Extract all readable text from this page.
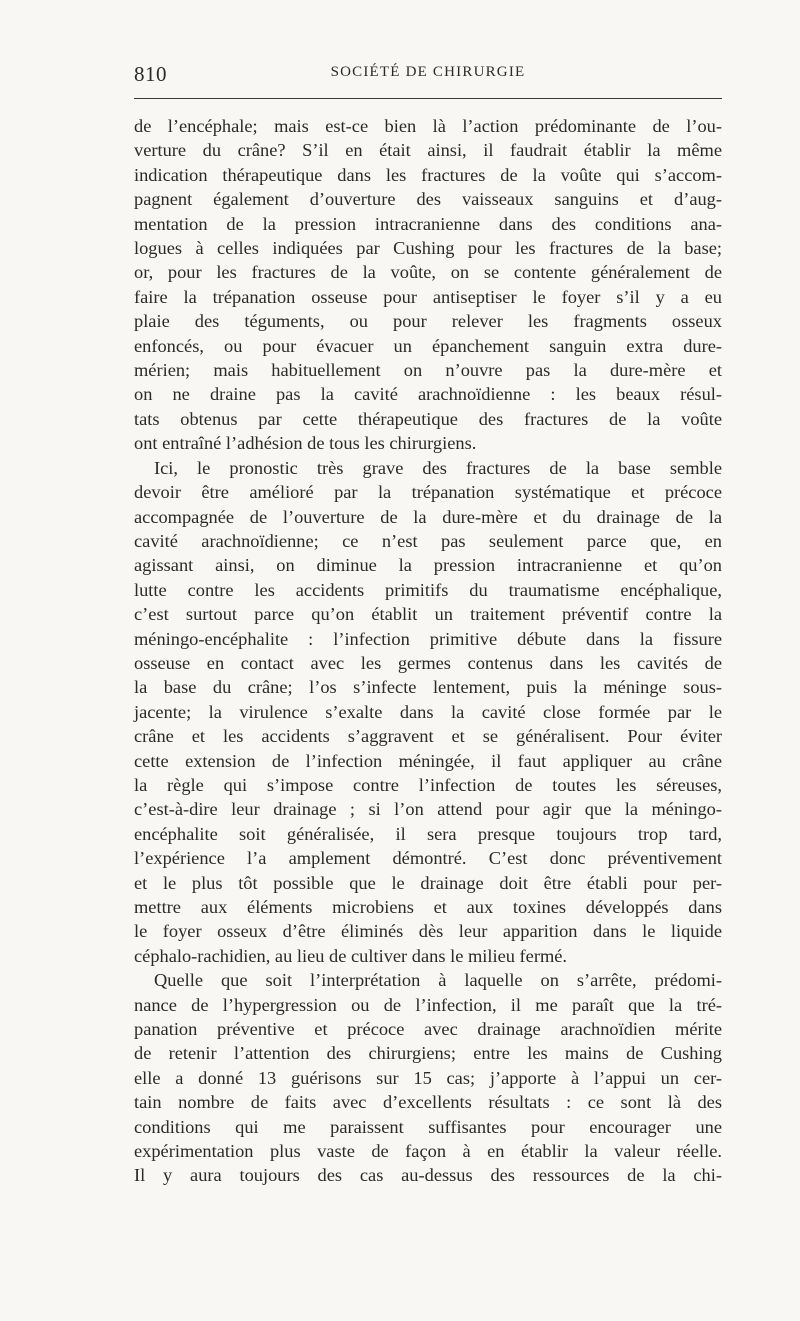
810	SOCIÉTÉ DE CHIRURGIE
de l’encéphale; mais est-ce bien là l’action prédominante de l’ou-
verture du crâne? S’il en était ainsi, il faudrait établir la même
indication thérapeutique dans les fractures de la voûte qui s’accom-
pagnent également d’ouverture des vaisseaux sanguins et d’aug-
mentation de la pression intracranienne dans des conditions ana-
logues à celles indiquées par Cushing pour les fractures de la base;
or, pour les fractures de la voûte, on se contente généralement de
faire la trépanation osseuse pour antiseptiser le foyer s’il y a eu
plaie des téguments, ou pour relever les fragments osseux
enfoncés, ou pour évacuer un épanchement sanguin extra dure-
mérien; mais habituellement on n’ouvre pas la dure-mère et
on ne draine pas la cavité arachnoïdienne : les beaux résul-
tats obtenus par cette thérapeutique des fractures de la voûte
ont entraîné l’adhésion de tous les chirurgiens.
Ici, le pronostic très grave des fractures de la base semble
devoir être amélioré par la trépanation systématique et précoce
accompagnée de l’ouverture de la dure-mère et du drainage de la
cavité arachnoïdienne; ce n’est pas seulement parce que, en
agissant ainsi, on diminue la pression intracranienne et qu’on
lutte contre les accidents primitifs du traumatisme encéphalique,
c’est surtout parce qu’on établit un traitement préventif contre la
méningo-encéphalite : l’infection primitive débute dans la fissure
osseuse en contact avec les germes contenus dans les cavités de
la base du crâne; l’os s’infecte lentement, puis la méninge sous-
jacente; la virulence s’exalte dans la cavité close formée par le
crâne et les accidents s’aggravent et se généralisent. Pour éviter
cette extension de l’infection méningée, il faut appliquer au crâne
la règle qui s’impose contre l’infection de toutes les séreuses,
c’est-à-dire leur drainage ; si l’on attend pour agir que la méningo-
encéphalite soit généralisée, il sera presque toujours trop tard,
l’expérience l’a amplement démontré. C’est donc préventivement
et le plus tôt possible que le drainage doit être établi pour per-
mettre aux éléments microbiens et aux toxines développés dans
le foyer osseux d’être éliminés dès leur apparition dans le liquide
céphalo-rachidien, au lieu de cultiver dans le milieu fermé.
Quelle que soit l’interprétation à laquelle on s’arrête, prédomi-
nance de l’hypergression ou de l’infection, il me paraît que la tré-
panation préventive et précoce avec drainage arachnoïdien mérite
de retenir l’attention des chirurgiens; entre les mains de Cushing
elle a donné 13 guérisons sur 15 cas; j’apporte à l’appui un cer-
tain nombre de faits avec d’excellents résultats : ce sont là des
conditions qui me paraissent suffisantes pour encourager une
expérimentation plus vaste de façon à en établir la valeur réelle.
Il y aura toujours des cas au-dessus des ressources de la chi-
